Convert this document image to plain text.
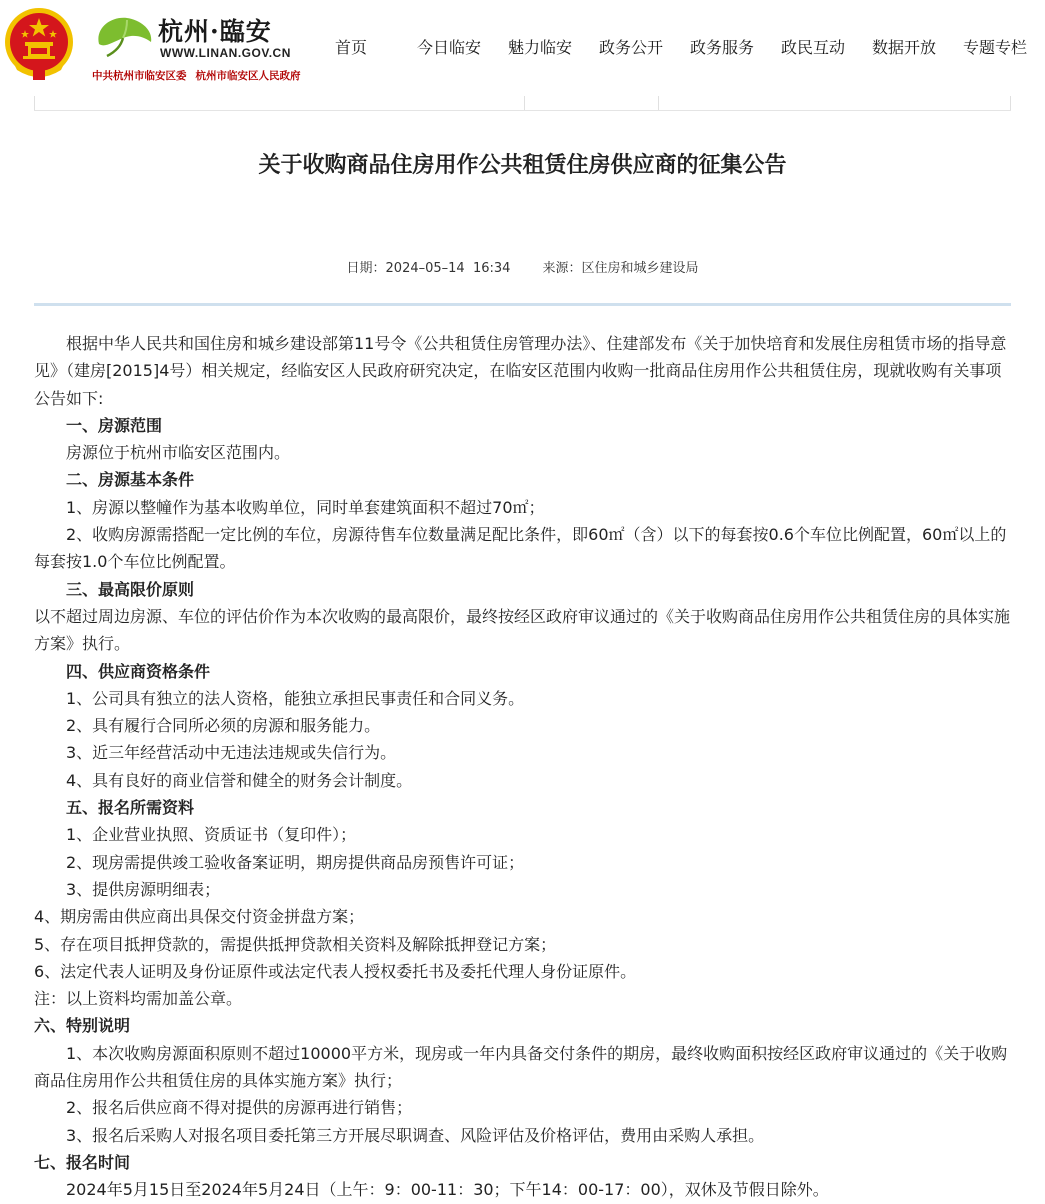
杭州·臨安
WWW.LINAN.GOV.CN
中共杭州市临安区委 杭州市临安区人民政府
首页	今日临安	魅力临安	政务公开	政务服务	政民互动	数据开放	专题专栏
关于收购商品住房用作公共租赁住房供应商的征集公告
日期：2024–05–14  16:34 来源：区住房和城乡建设局

根据中华人民共和国住房和城乡建设部第11号令《公共租赁住房管理办法》、住建部发布《关于加快培育和发展住房租赁市场的指导意见》（建房[2015]4号）相关规定，经临安区人民政府研究决定，在临安区范围内收购一批商品住房用作公共租赁住房，现就收购有关事项公告如下:

一、房源范围

房源位于杭州市临安区范围内。

二、房源基本条件

1、房源以整幢作为基本收购单位，同时单套建筑面积不超过70㎡；

2、收购房源需搭配一定比例的车位，房源待售车位数量满足配比条件，即60㎡（含）以下的每套按0.6个车位比例配置，60㎡以上的每套按1.0个车位比例配置。

三、最高限价原则

以不超过周边房源、车位的评估价作为本次收购的最高限价，最终按经区政府审议通过的《关于收购商品住房用作公共租赁住房的具体实施方案》执行。

四、供应商资格条件

1、公司具有独立的法人资格，能独立承担民事责任和合同义务。

2、具有履行合同所必须的房源和服务能力。

3、近三年经营活动中无违法违规或失信行为。

4、具有良好的商业信誉和健全的财务会计制度。

五、报名所需资料

1、企业营业执照、资质证书（复印件）；

2、现房需提供竣工验收备案证明，期房提供商品房预售许可证；

3、提供房源明细表；

4、期房需由供应商出具保交付资金拼盘方案；

5、存在项目抵押贷款的，需提供抵押贷款相关资料及解除抵押登记方案；

6、法定代表人证明及身份证原件或法定代表人授权委托书及委托代理人身份证原件。

注：以上资料均需加盖公章。

六、特别说明

1、本次收购房源面积原则不超过10000平方米，现房或一年内具备交付条件的期房，最终收购面积按经区政府审议通过的《关于收购商品住房用作公共租赁住房的具体实施方案》执行；

2、报名后供应商不得对提供的房源再进行销售；

3、报名后采购人对报名项目委托第三方开展尽职调查、风险评估及价格评估，费用由采购人承担。

七、报名时间

2024年5月15日至2024年5月24日（上午：9：00-11：30；下午14：00-17：00），双休及节假日除外。
